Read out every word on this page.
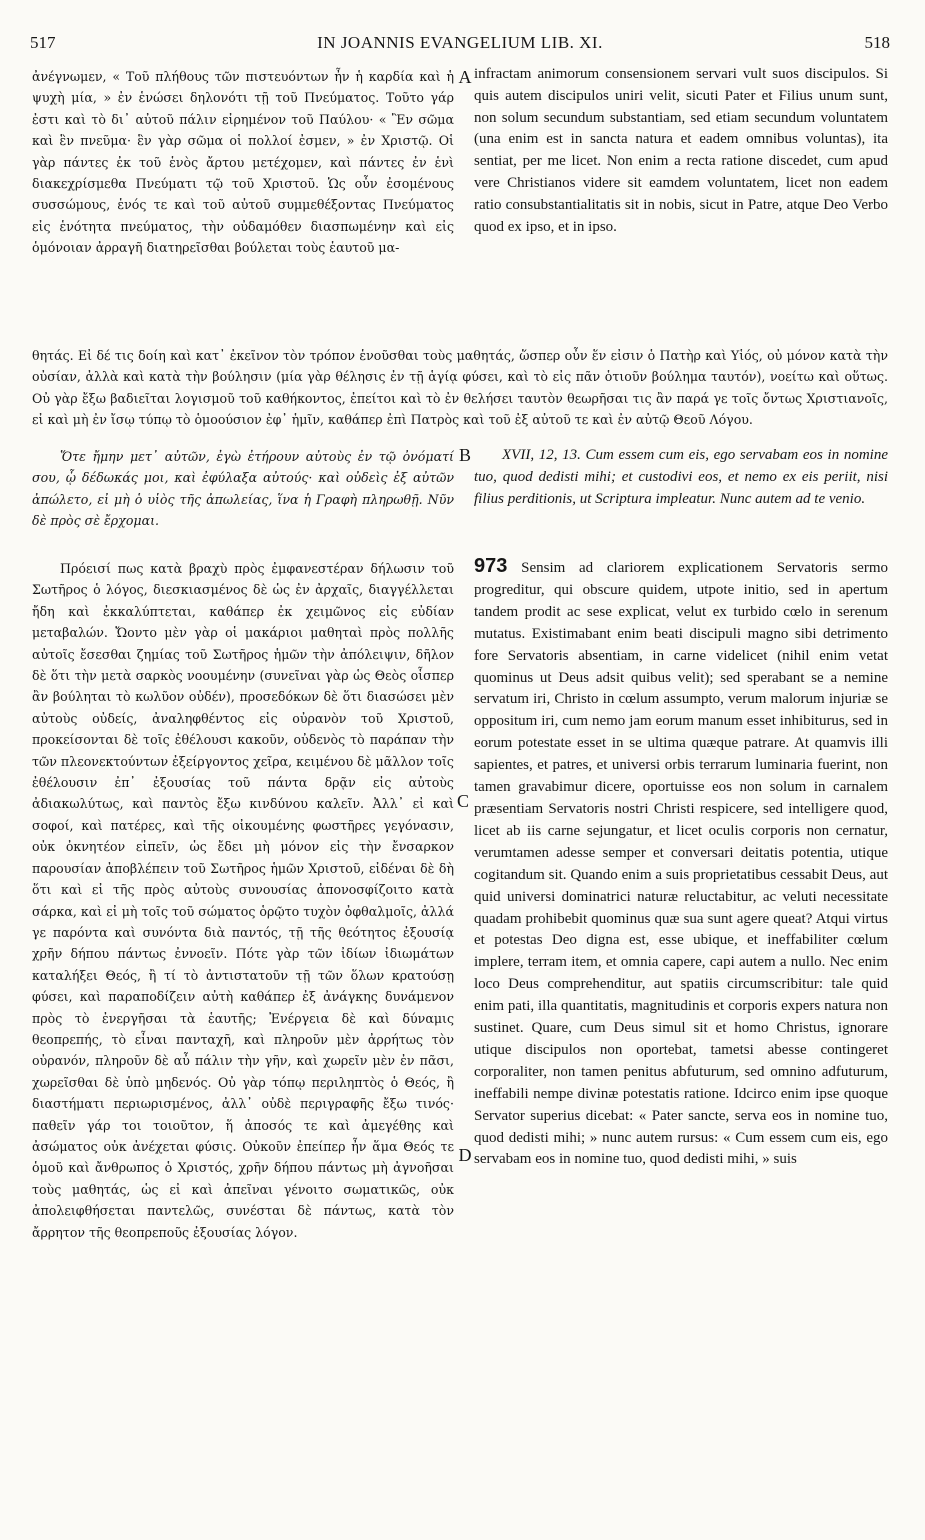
517	IN JOANNIS EVANGELIUM LIB. XI.	518
A
B
C
D

ἀνέγνωμεν, « Τοῦ πλήθους τῶν πιστευόντων ἦν ἡ καρδία καὶ ἡ ψυχὴ μία, » ἐν ἑνώσει δηλονότι τῇ τοῦ Πνεύματος. Τοῦτο γάρ ἐστι καὶ τὸ δι᾿ αὐτοῦ πάλιν εἰρημένον τοῦ Παύλου· « Ἓν σῶμα καὶ ἓν πνεῦμα· ἓν γὰρ σῶμα οἱ πολλοί ἐσμεν, » ἐν Χριστῷ. Οἱ γὰρ πάντες ἐκ τοῦ ἑνὸς ἄρτου μετέχομεν, καὶ πάντες ἐν ἑνὶ διακεχρίσμεθα Πνεύματι τῷ τοῦ Χριστοῦ. Ὡς οὖν ἐσομένους συσσώμους, ἑνός τε καὶ τοῦ αὐτοῦ συμμεθέξοντας Πνεύματος εἰς ἑνότητα πνεύματος, τὴν οὐδαμόθεν διασπωμένην καὶ εἰς ὁμόνοιαν ἀρραγῆ διατηρεῖσθαι βούλεται τοὺς ἑαυτοῦ μα-

infractam animorum consensionem servari vult suos discipulos. Si quis autem discipulos uniri velit, sicuti Pater et Filius unum sunt, non solum secundum substantiam, sed etiam secundum voluntatem (una enim est in sancta natura et eadem omnibus voluntas), ita sentiat, per me licet. Non enim a recta ratione discedet, cum apud vere Christianos videre sit eamdem voluntatem, licet non eadem ratio consubstantialitatis sit in nobis, sicut in Patre, atque Deo Verbo quod ex ipso, et in ipso.

θητάς. Εἰ δέ τις δοίη καὶ κατ᾿ ἐκεῖνον τὸν τρόπον ἑνοῦσθαι τοὺς μαθητάς, ὥσπερ οὖν ἕν εἰσιν ὁ Πατὴρ καὶ Υἱός, οὐ μόνον κατὰ τὴν οὐσίαν, ἀλλὰ καὶ κατὰ τὴν βούλησιν (μία γὰρ θέλησις ἐν τῇ ἁγίᾳ φύσει, καὶ τὸ εἰς πᾶν ὁτιοῦν βούλημα ταυτόν), νοείτω καὶ οὕτως. Οὐ γὰρ ἔξω βαδιεῖται λογισμοῦ τοῦ καθήκοντος, ἐπείτοι καὶ τὸ ἐν θελήσει ταυτὸν θεωρῆσαι τις ἂν παρά γε τοῖς ὄντως Χριστιανοῖς, εἰ καὶ μὴ ἐν ἴσῳ τύπῳ τὸ ὁμοούσιον ἐφ᾿ ἡμῖν, καθάπερ ἐπὶ Πατρὸς καὶ τοῦ ἐξ αὐτοῦ τε καὶ ἐν αὐτῷ Θεοῦ Λόγου.

Ὅτε ἤμην μετ᾿ αὐτῶν, ἐγὼ ἐτήρουν αὐτοὺς ἐν τῷ ὀνόματί σου, ᾧ δέδωκάς μοι, καὶ ἐφύλαξα αὐτούς· καὶ οὐδεὶς ἐξ αὐτῶν ἀπώλετο, εἰ μὴ ὁ υἱὸς τῆς ἀπωλείας, ἵνα ἡ Γραφὴ πληρωθῇ. Νῦν δὲ πρὸς σὲ ἔρχομαι.

XVII, 12, 13. Cum essem cum eis, ego servabam eos in nomine tuo, quod dedisti mihi; et custodivi eos, et nemo ex eis periit, nisi filius perditionis, ut Scriptura impleatur. Nunc autem ad te venio.

Πρόεισί πως κατὰ βραχὺ πρὸς ἐμφανεστέραν δήλωσιν τοῦ Σωτῆρος ὁ λόγος, διεσκιασμένος δὲ ὡς ἐν ἀρχαῖς, διαγγέλλεται ἤδη καὶ ἐκκαλύπτεται, καθάπερ ἐκ χειμῶνος εἰς εὐδίαν μεταβαλών. Ὤοντο μὲν γὰρ οἱ μακάριοι μαθηταὶ πρὸς πολλῆς αὐτοῖς ἔσεσθαι ζημίας τοῦ Σωτῆρος ἡμῶν τὴν ἀπόλειψιν, δῆλον δὲ ὅτι τὴν μετὰ σαρκὸς νοουμένην (συνεῖναι γὰρ ὡς Θεὸς οἷσπερ ἂν βούληται τὸ κωλῦον οὐδέν), προσεδόκων δὲ ὅτι διασώσει μὲν αὐτοὺς οὐδείς, ἀναληφθέντος εἰς οὐρανὸν τοῦ Χριστοῦ, προκείσονται δὲ τοῖς ἐθέλουσι κακοῦν, οὐδενὸς τὸ παράπαν τὴν τῶν πλεονεκτούντων ἐξείργοντος χεῖρα, κειμένου δὲ μᾶλλον τοῖς ἐθέλουσιν ἐπ᾿ ἐξουσίας τοῦ πάντα δρᾷν εἰς αὐτοὺς ἀδιακωλύτως, καὶ παντὸς ἔξω κινδύνου καλεῖν. Ἀλλ᾿ εἰ καὶ σοφοί, καὶ πατέρες, καὶ τῆς οἰκουμένης φωστῆρες γεγόνασιν, οὐκ ὀκνητέον εἰπεῖν, ὡς ἔδει μὴ μόνον εἰς τὴν ἔνσαρκον παρουσίαν ἀποβλέπειν τοῦ Σωτῆρος ἡμῶν Χριστοῦ, εἰδέναι δὲ δὴ ὅτι καὶ εἰ τῆς πρὸς αὐτοὺς συνουσίας ἀπονοσφίζοιτο κατὰ σάρκα, καὶ εἰ μὴ τοῖς τοῦ σώματος ὁρῷτο τυχὸν ὀφθαλμοῖς, ἀλλά γε παρόντα καὶ συνόντα διὰ παντός, τῇ τῆς θεότητος ἐξουσίᾳ χρῆν δήπου πάντως ἐννοεῖν. Πότε γὰρ τῶν ἰδίων ἰδιωμάτων καταλήξει Θεός, ἢ τί τὸ ἀντιστατοῦν τῇ τῶν ὅλων κρατούσῃ φύσει, καὶ παραποδίζειν αὐτὴ καθάπερ ἐξ ἀνάγκης δυνάμενον πρὸς τὸ ἐνεργῆσαι τὰ ἑαυτῆς; Ἐνέργεια δὲ καὶ δύναμις θεοπρεπής, τὸ εἶναι πανταχῆ, καὶ πληροῦν μὲν ἀρρήτως τὸν οὐρανόν, πληροῦν δὲ αὖ πάλιν τὴν γῆν, καὶ χωρεῖν μὲν ἐν πᾶσι, χωρεῖσθαι δὲ ὑπὸ μηδενός. Οὐ γὰρ τόπῳ περιληπτὸς ὁ Θεός, ἢ διαστήματι περιωρισμένος, ἀλλ᾿ οὐδὲ περιγραφῆς ἔξω τινός· παθεῖν γάρ τοι τοιοῦτον, ἥ ἀποσός τε καὶ ἀμεγέθης καὶ ἀσώματος οὐκ ἀνέχεται φύσις. Οὐκοῦν ἐπείπερ ἦν ἅμα Θεός τε ὁμοῦ καὶ ἄνθρωπος ὁ Χριστός, χρῆν δήπου πάντως μὴ ἀγνοῆσαι τοὺς μαθητάς, ὡς εἰ καὶ ἀπεῖναι γένοιτο σωματικῶς, οὐκ ἀπολειφθήσεται παντελῶς, συνέσται δὲ πάντως, κατὰ τὸν ἄρρητον τῆς θεοπρεποῦς ἐξουσίας λόγον.

973 Sensim ad clariorem explicationem Servatoris sermo progreditur, qui obscure quidem, utpote initio, sed in apertum tandem prodit ac sese explicat, velut ex turbido cœlo in serenum mutatus. Existimabant enim beati discipuli magno sibi detrimento fore Servatoris absentiam, in carne videlicet (nihil enim vetat quominus ut Deus adsit quibus velit); sed sperabant se a nemine servatum iri, Christo in cœlum assumpto, verum malorum injuriæ se oppositum iri, cum nemo jam eorum manum esset inhibiturus, sed in eorum potestate esset in se ultima quæque patrare. At quamvis illi sapientes, et patres, et universi orbis terrarum luminaria fuerint, non tamen gravabimur dicere, oportuisse eos non solum in carnalem præsentiam Servatoris nostri Christi respicere, sed intelligere quod, licet ab iis carne sejungatur, et licet oculis corporis non cernatur, verumtamen adesse semper et conversari deitatis potentia, utique cogitandum sit. Quando enim a suis proprietatibus cessabit Deus, aut quid universi dominatrici naturæ reluctabitur, ac veluti necessitate quadam prohibebit quominus quæ sua sunt agere queat? Atqui virtus et potestas Deo digna est, esse ubique, et ineffabiliter cœlum implere, terram item, et omnia capere, capi autem a nullo. Nec enim loco Deus comprehenditur, aut spatiis circumscribitur: tale quid enim pati, illa quantitatis, magnitudinis et corporis expers natura non sustinet. Quare, cum Deus simul sit et homo Christus, ignorare utique discipulos non oportebat, tametsi abesse contingeret corporaliter, non tamen penitus abfuturum, sed omnino adfuturum, ineffabili nempe divinæ potestatis ratione. Idcirco enim ipse quoque Servator superius dicebat: « Pater sancte, serva eos in nomine tuo, quod dedisti mihi; » nunc autem rursus: « Cum essem cum eis, ego servabam eos in nomine tuo, quod dedisti mihi, » suis
